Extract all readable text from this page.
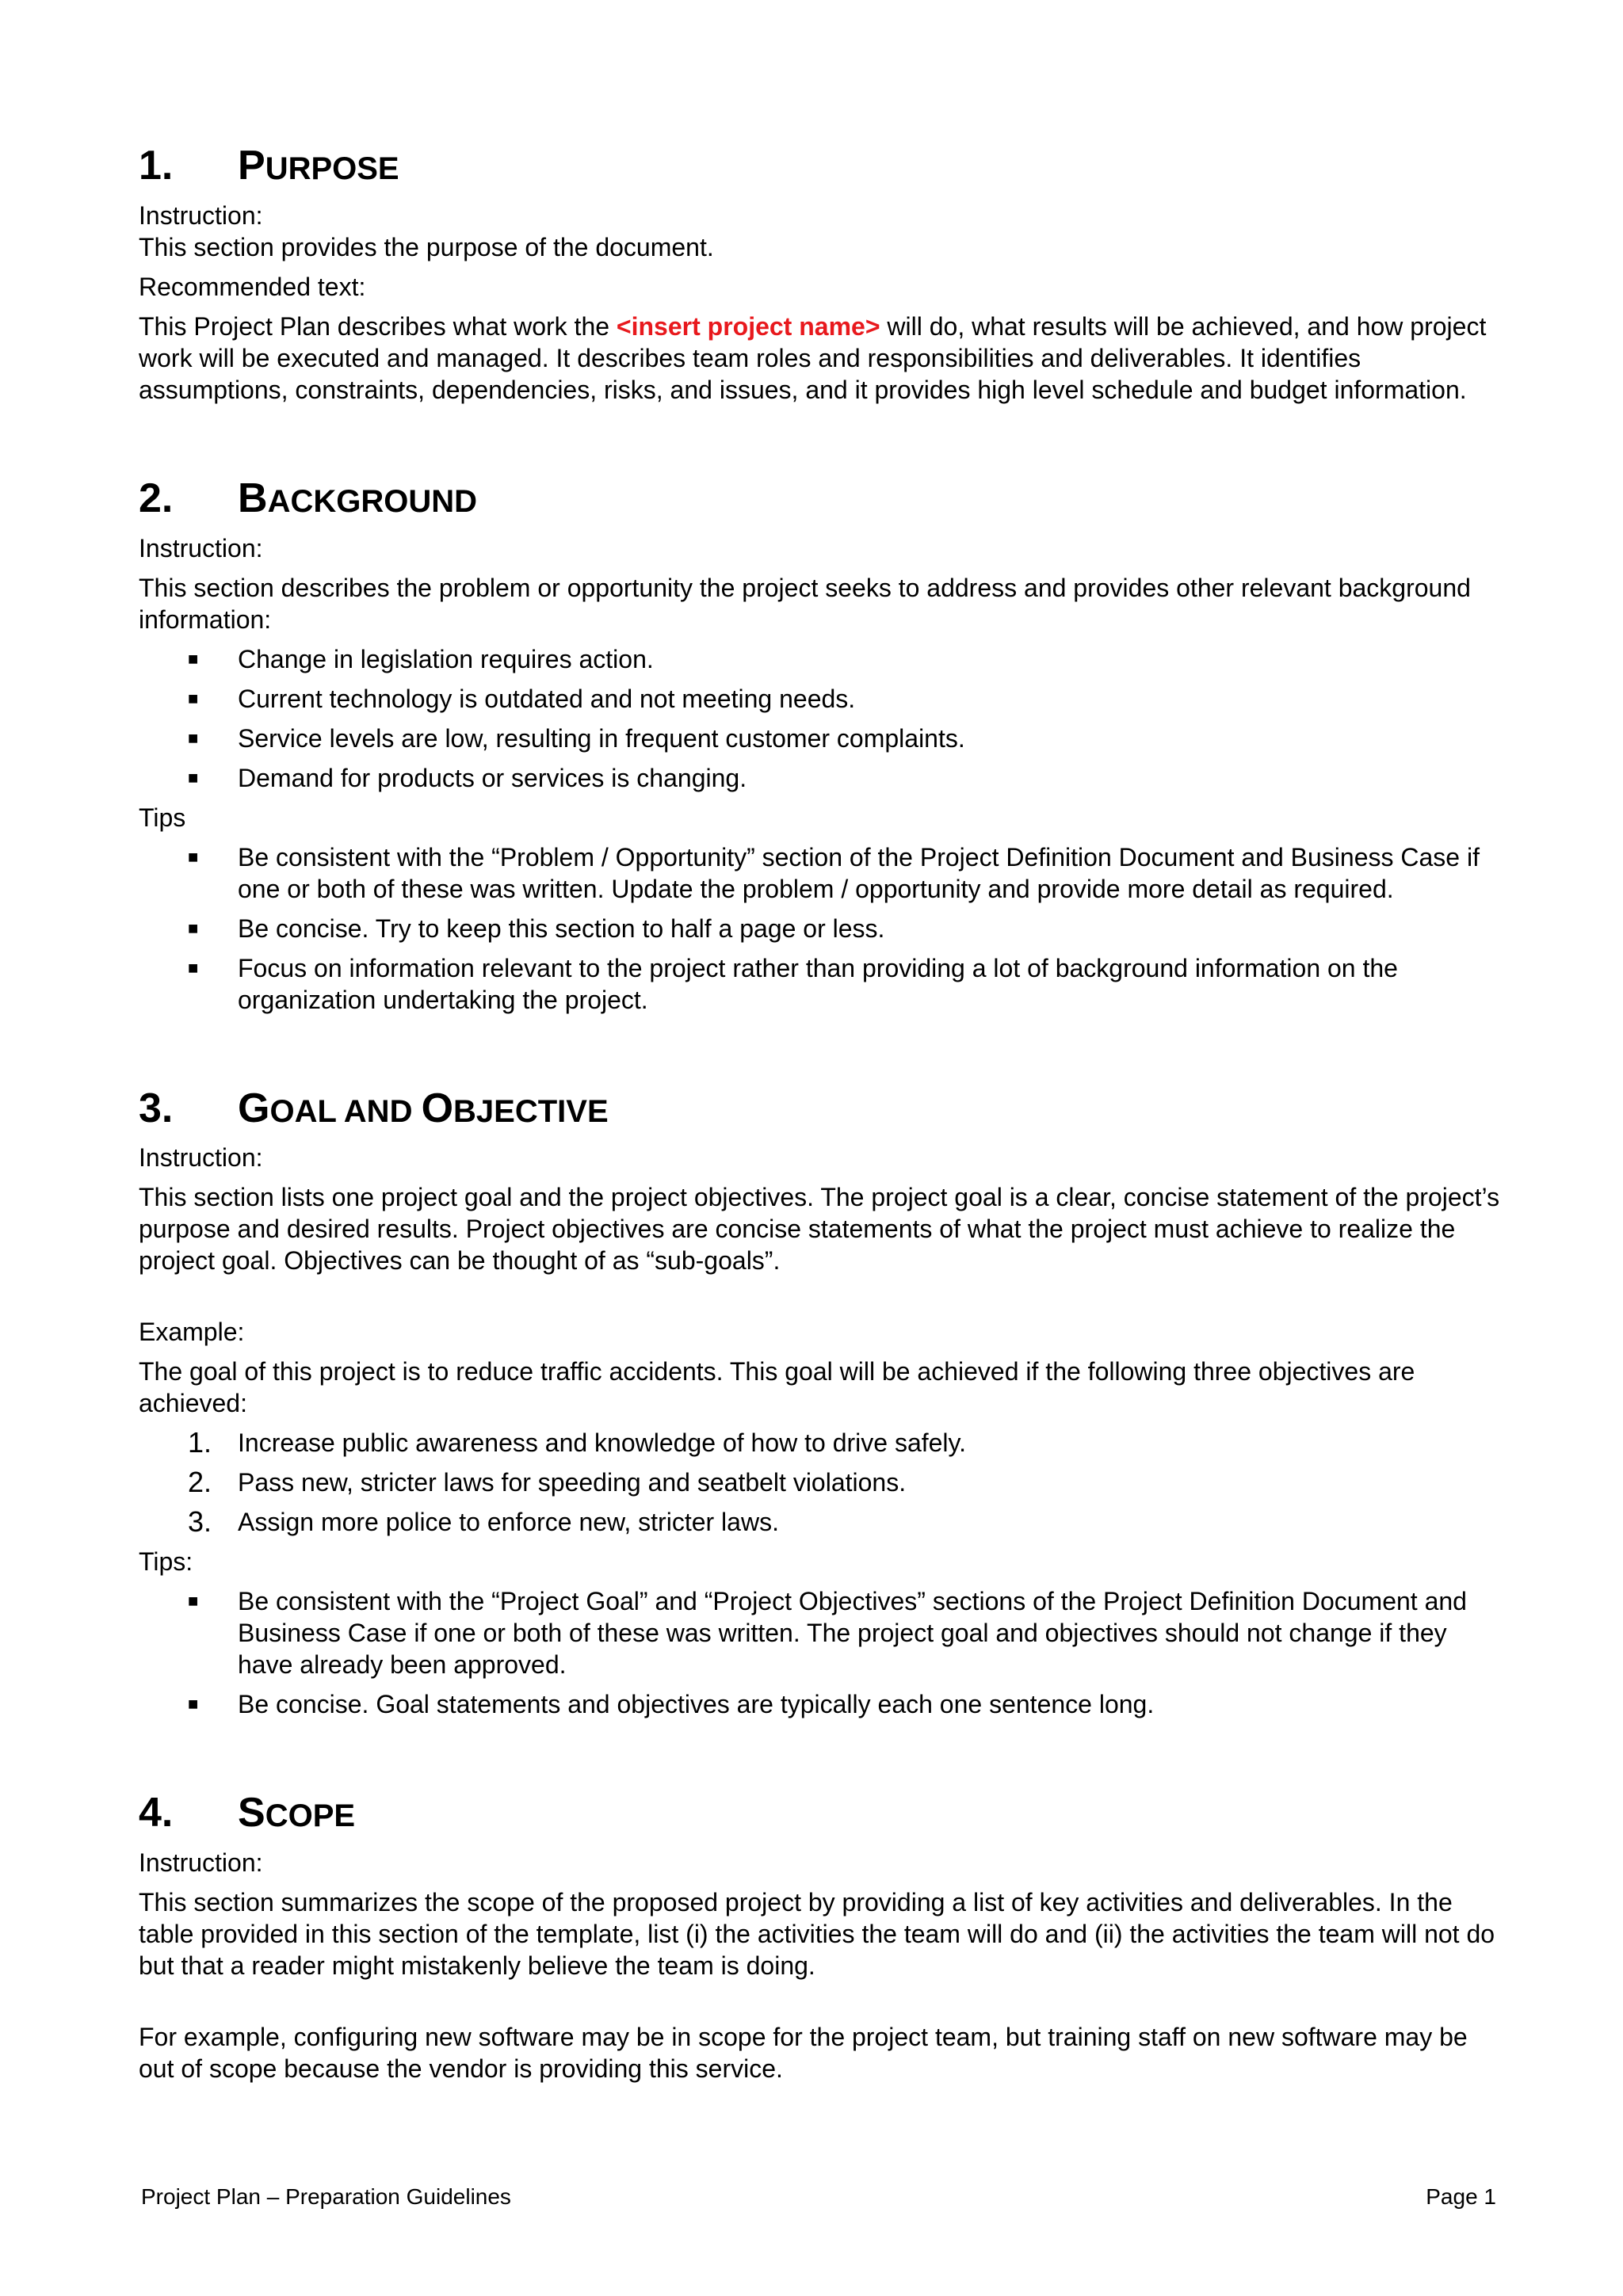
1.	PURPOSE

Instruction:

This section provides the purpose of the document.

Recommended text:

This Project Plan describes what work the <insert project name> will do, what results will be achieved, and how project work will be executed and managed. It describes team roles and responsibilities and deliverables. It identifies assumptions, constraints, dependencies, risks, and issues, and it provides high level schedule and budget information.

2.	BACKGROUND

Instruction:

This section describes the problem or opportunity the project seeks to address and provides other relevant background information:

■	Change in legislation requires action.
■	Current technology is outdated and not meeting needs.
■	Service levels are low, resulting in frequent customer complaints.
■	Demand for products or services is changing.

Tips

■	Be consistent with the “Problem / Opportunity” section of the Project Definition Document and Business Case if one or both of these was written. Update the problem / opportunity and provide more detail as required.
■	Be concise. Try to keep this section to half a page or less.
■	Focus on information relevant to the project rather than providing a lot of background information on the organization undertaking the project.
3.	GOAL AND OBJECTIVE

Instruction:

This section lists one project goal and the project objectives. The project goal is a clear, concise statement of the project’s purpose and desired results. Project objectives are concise statements of what the project must achieve to realize the project goal. Objectives can be thought of as “sub-goals”.

Example:

The goal of this project is to reduce traffic accidents. This goal will be achieved if the following three objectives are achieved:

1.	Increase public awareness and knowledge of how to drive safely.
2.	Pass new, stricter laws for speeding and seatbelt violations.
3.	Assign more police to enforce new, stricter laws.

Tips:

■	Be consistent with the “Project Goal” and “Project Objectives” sections of the Project Definition Document and Business Case if one or both of these was written. The project goal and objectives should not change if they have already been approved.
■	Be concise. Goal statements and objectives are typically each one sentence long.
4.	SCOPE

Instruction:

This section summarizes the scope of the proposed project by providing a list of key activities and deliverables. In the table provided in this section of the template, list (i) the activities the team will do and (ii) the activities the team will not do but that a reader might mistakenly believe the team is doing.

For example, configuring new software may be in scope for the project team, but training staff on new software may be out of scope because the vendor is providing this service.

Project Plan – Preparation Guidelines	Page 1
